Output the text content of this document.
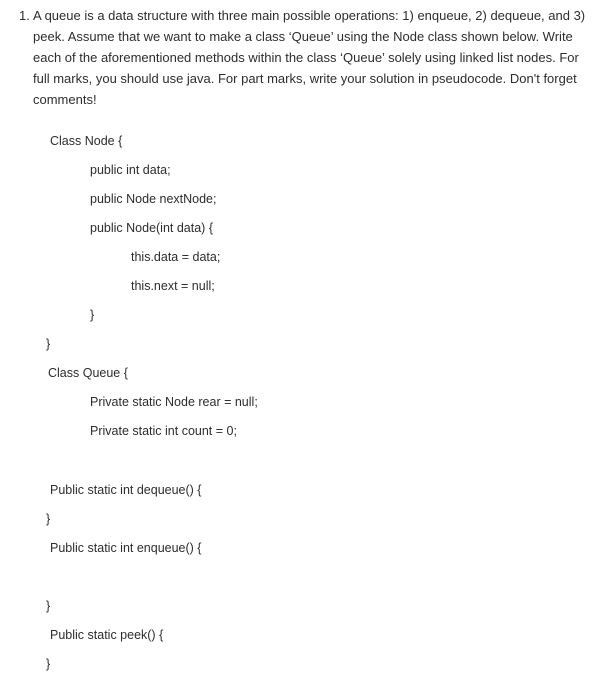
1. A queue is a data structure with three main possible operations: 1) enqueue, 2) dequeue, and 3) peek. Assume that we want to make a class ‘Queue’ using the Node class shown below. Write each of the aforementioned methods within the class ‘Queue’ solely using linked list nodes. For full marks, you should use java. For part marks, write your solution in pseudocode. Don't forget comments!
Class Node {
public int data;
public Node nextNode;
public Node(int data) {
this.data = data;
this.next = null;
}
}
Class Queue {
Private static Node rear = null;
Private static int count = 0;
Public static int dequeue() {
}
Public static int enqueue() {
}
Public static peek() {
}
